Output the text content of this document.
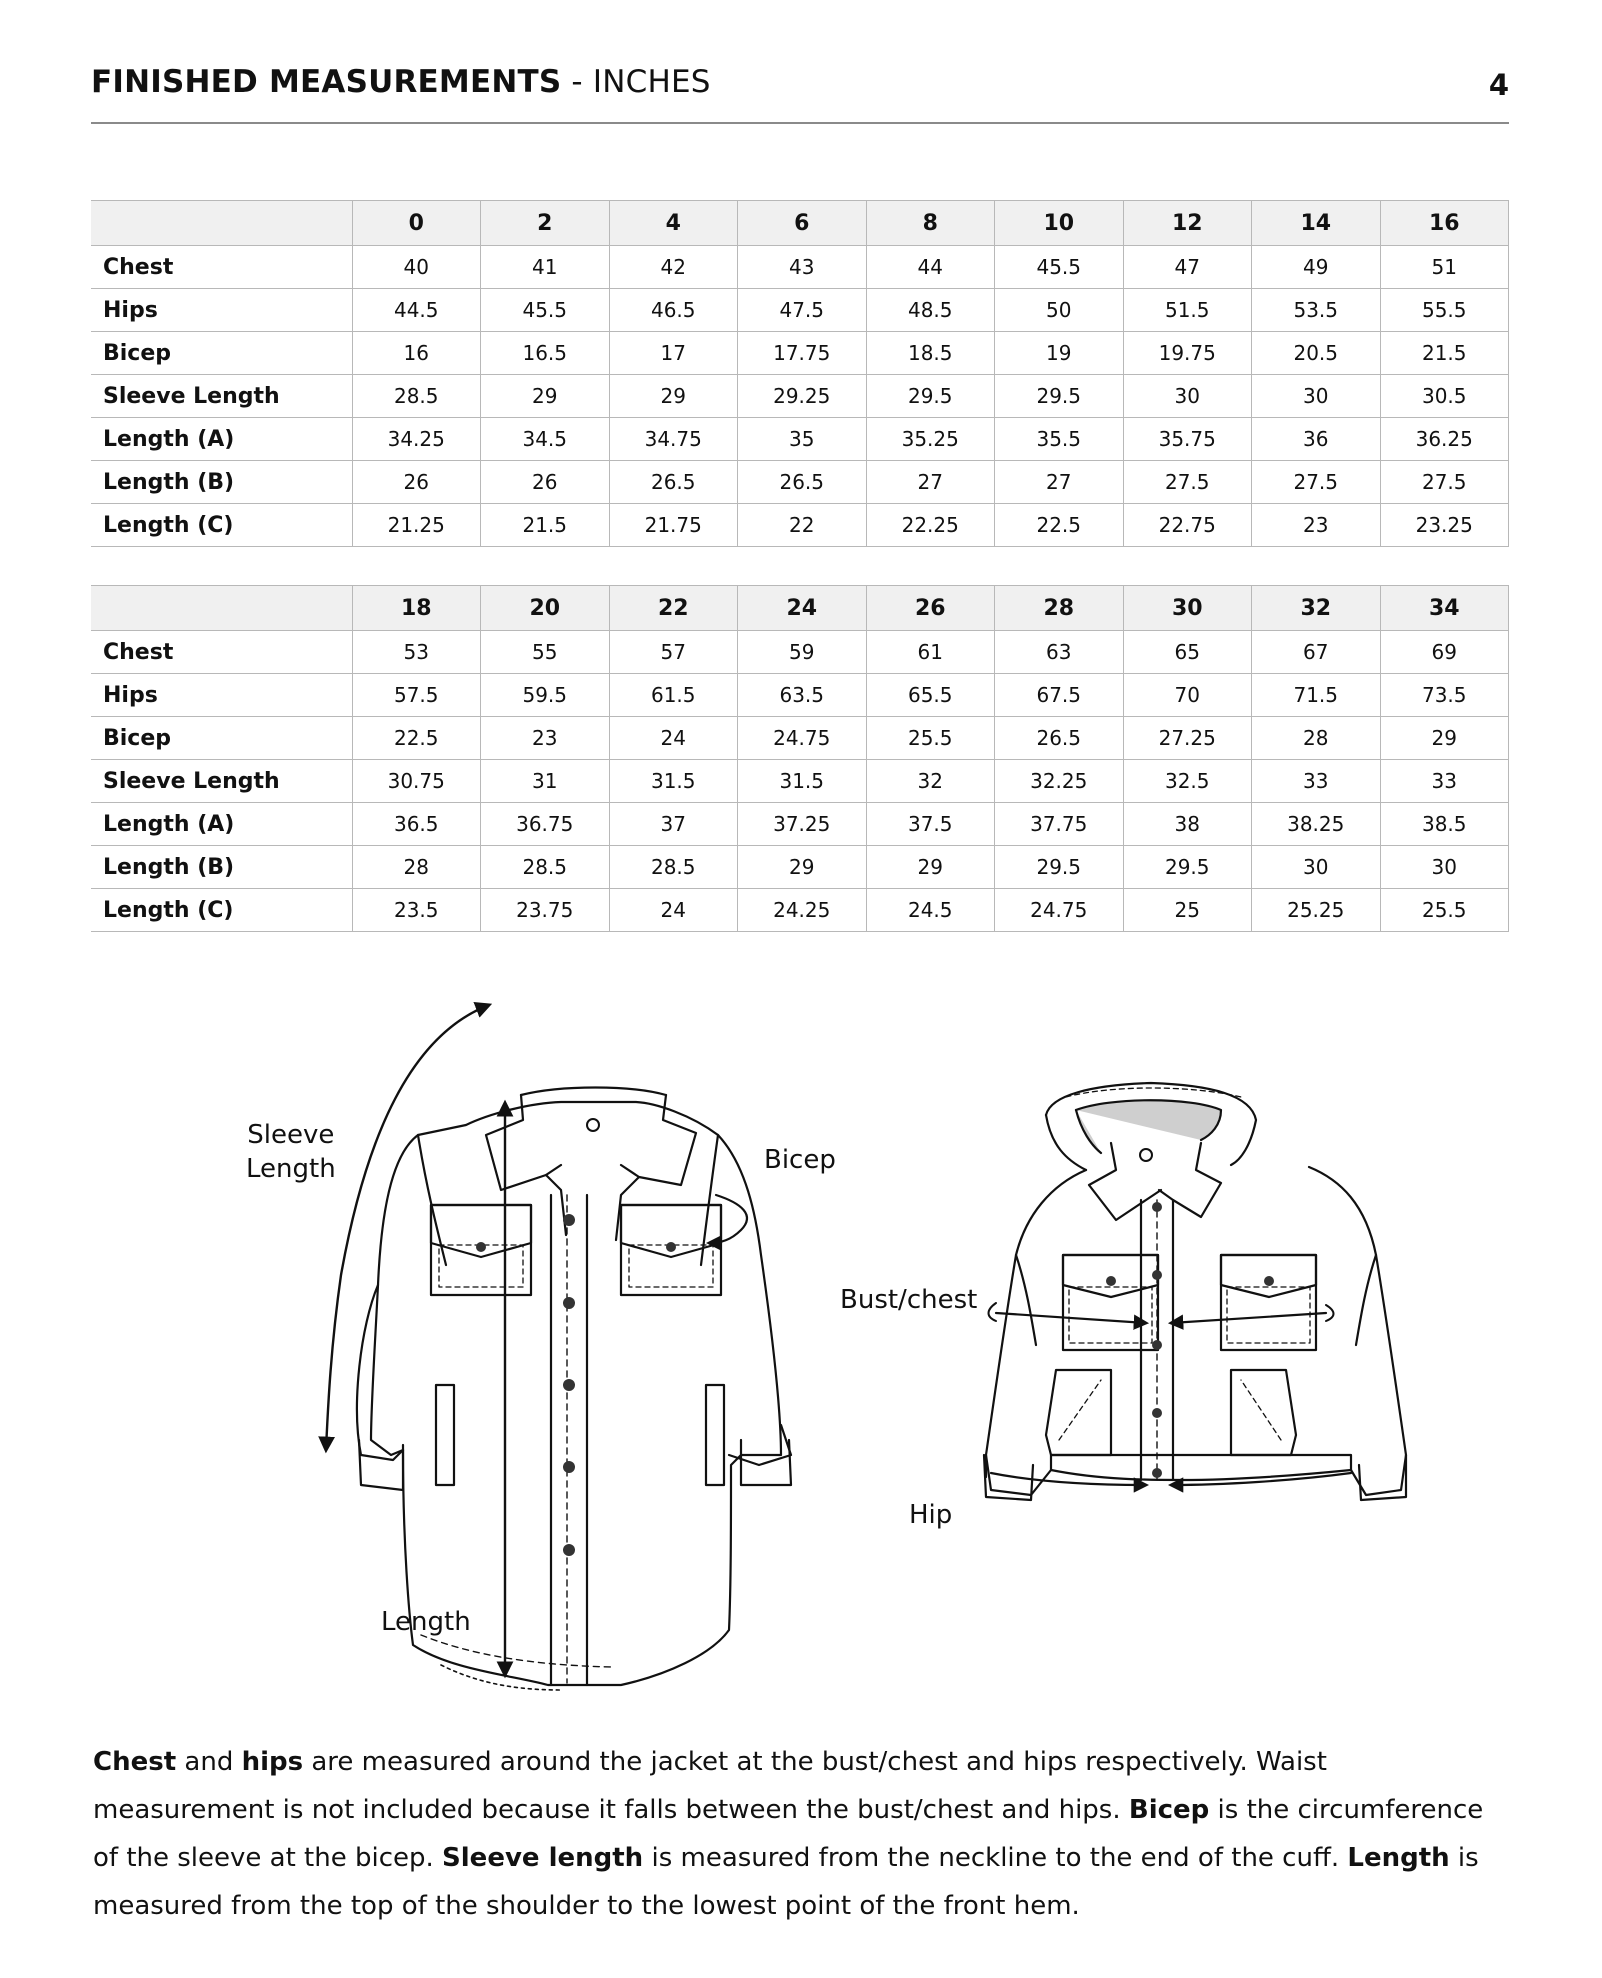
FINISHED MEASUREMENTS - INCHES	4
	0	2	4	6	8	10	12	14	16
Chest	40	41	42	43	44	45.5	47	49	51
Hips	44.5	45.5	46.5	47.5	48.5	50	51.5	53.5	55.5
Bicep	16	16.5	17	17.75	18.5	19	19.75	20.5	21.5
Sleeve Length	28.5	29	29	29.25	29.5	29.5	30	30	30.5
Length (A)	34.25	34.5	34.75	35	35.25	35.5	35.75	36	36.25
Length (B)	26	26	26.5	26.5	27	27	27.5	27.5	27.5
Length (C)	21.25	21.5	21.75	22	22.25	22.5	22.75	23	23.25
	18	20	22	24	26	28	30	32	34
Chest	53	55	57	59	61	63	65	67	69
Hips	57.5	59.5	61.5	63.5	65.5	67.5	70	71.5	73.5
Bicep	22.5	23	24	24.75	25.5	26.5	27.25	28	29
Sleeve Length	30.75	31	31.5	31.5	32	32.25	32.5	33	33
Length (A)	36.5	36.75	37	37.25	37.5	37.75	38	38.25	38.5
Length (B)	28	28.5	28.5	29	29	29.5	29.5	30	30
Length (C)	23.5	23.75	24	24.25	24.5	24.75	25	25.25	25.5
Sleeve
Length	Bicep
Length
Bust/chest
Hip
Chest and hips are measured around the jacket at the bust/chest and hips respectively. Waist measurement is not included because it falls between the bust/chest and hips. Bicep is the circumference of the sleeve at the bicep. Sleeve length is measured from the neckline to the end of the cuff. Length is measured from the top of the shoulder to the lowest point of the front hem.
